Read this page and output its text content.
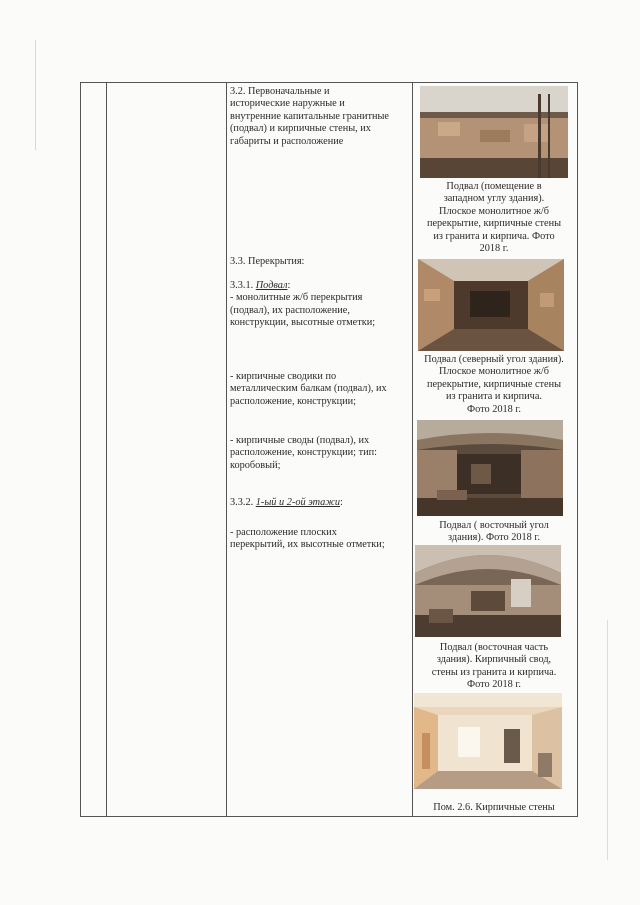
3.2. Первоначальные и

исторические наружные и

внутренние капитальные гранитные

(подвал) и кирпичные стены, их

габариты и расположение

3.3. Перекрытия:

3.3.1. Подвал:

- монолитные ж/б перекрытия

(подвал), их расположение,

конструкции, высотные отметки;

- кирпичные сводики по

металлическим балкам (подвал), их

расположение, конструкции;

- кирпичные своды (подвал), их

расположение, конструкции; тип:

коробовый;

3.3.2. 1-ый и 2-ой этажи:

- расположение плоских

перекрытий, их высотные отметки;

Подвал (помещение в
западном углу здания).
Плоское монолитное ж/б
перекрытие, кирпичные стены
из гранита и кирпича. Фото
2018 г.
Подвал (северный угол здания).
Плоское монолитное ж/б
перекрытие, кирпичные стены
из гранита и кирпича.
Фото 2018 г.
Подвал ( восточный угол
здания). Фото 2018 г.
Подвал (восточная часть
здания). Кирпичный свод,
стены из гранита и кирпича.
Фото 2018 г.
Пом. 2.6. Кирпичные стены
